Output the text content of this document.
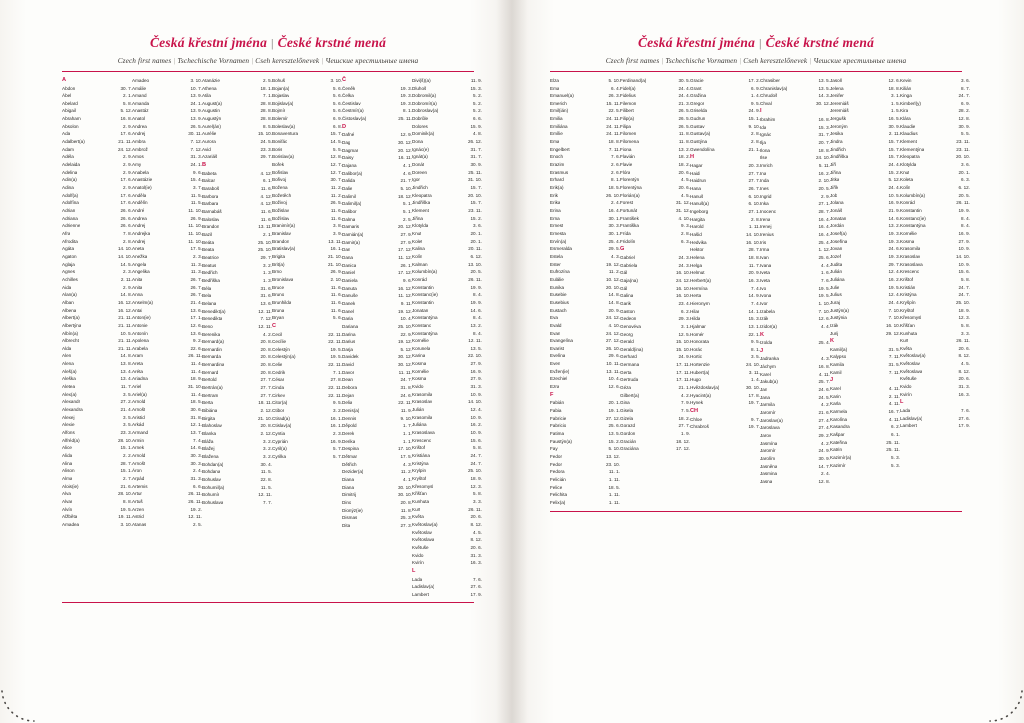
Česká křestní jména | České krstné mená
Czech first names | Tschechische Vornamen | Cseh keresztelőnevek | Чешские крестильные имена
A
Abdon	30. 7.
Ábel	2. 1.
Abelard	5. 8.
Abigail	5. 12.
Abraham	16. 8.
Absolon	2. 9.
Ada	17. 6.
Adalbert(a)	21. 11.
Adam	24. 12.
Adéla	2. 9.
Adelaida	2. 9.
Adelina	2. 9.
Adin(a)	17. 6.
Adina	2. 9.
Adolf(a)	17. 6.
Adolfína	17. 6.
Adrian	26. 6.
Adriana	26. 6.
Adrienne	26. 6.
Afra	7. 8.
Afrodita	2. 8.
Agáta	14. 10.
Agaton	14. 10.
Aglaja	14. 5.
Agnes	2. 3.
Achilles	2. 11.
Aida	2. 9.
Alan(a)	14. 8.
Alban	16. 12.
Albena	16. 12.
Albert(a)	21. 11.
Albertýna	21. 11.
Albín(a)	10. 5.
Albrecht	21. 11.
Alda	21. 11.
Alen	14. 8.
Alena	13. 8.
Aleš(a)	13. 4.
Aleška	13. 4.
Aletea	11. 7.
Alex(a)	3. 5.
Alexandr	27. 2.
Alexandra	21. 4.
Alexej	3. 5.
Alexie	3. 5.
Alfons	23. 3.
Alfréd(a)	28. 10.
Alice	15. 1.
Alida	2. 2.
Alina	28. 7.
Alison	15. 1.
Alma	2. 7.
Alois(ie)	21. 6.
Alva	28. 10.
Alvar	8. 8.
Alvín	19. 5.
Alžběta	19. 11.
Amadea	3. 10.
Amadeo	3. 10.
Amálie	10. 7.
Amand	13. 9.
Amanda	24. 1.
Anastáz	13. 9.
Anatol	13. 9.
Andrea	26. 5.
Andrej	30. 11.
Ambra	7. 12.
Ambrož	7. 12.
Amos	31. 3.
Amy	24. 1.
Anabela	9. 6.
Anastázie	15. 4.
Anatol(ie)	3. 7.
Anděla	11. 5.
Andělín	11. 5.
André	11. 10.
Andrea	26. 9.
Andrej	11. 10.
Andrejka	11. 10.
Andrej	11. 10.
Aneta	17. 5.
Anežka	2. 3.
Angela	11. 3.
Angelika	11. 3.
Anita	26. 7.
Anita	26. 7.
Anna	26. 7.
Anselm(a)	21. 4.
Antal	13. 6.
Anton(ie)	17. 1.
Antonie	12. 6.
Antonín	13. 6.
Apolena	9. 2.
Arabela	22. 6.
Aram	26. 11.
Areta	11. 4.
Aréta	11. 4.
Ariadna	18. 9.
Ariel	31. 10.
Ariel(a)	11. 4.
Arnold	18. 5.
Arnošt	30. 6.
Aristid	31. 8.
Arkád	12. 1.
Armand	13. 7.
Armin	7. 4.
Arnek	14. 6.
Arnold	30. 3.
Arnošt	30. 3.
Áron	2. 4.
Arpád	31. 3.
Artemis	6. 6.
Artur	26. 11.
Artuš	26. 11.
Arzen	19. 2.
Astrid	12. 11.
Atanas	2. 5.
Atanázie	2. 5.
Athena	18. 1.
Atila	7. 1.
August(a)	28. 8.
Augustin	28. 8.
Augustýn	28. 8.
Aurel(án)	8. 5.
Aurélie	15. 10.
Aurora	24. 5.
Avid	23. 3.
Azariáš	29. 7.
B
Babeta	4. 12.
Balcar	6. 1.
Baraboš	11. 6.
Barbora	4. 12.
Barbara	4. 12.
Barnabáš	11. 6.
Baloslav	11. 6.
Brandon	13. 11.
Bazil	2. 1.
Beáta	25. 10.
Beata	25. 10.
Beatrice	29. 7.
Beatus	3. 2.
Bedřich	1. 3.
Bedřiška	1. 3.
Béla	31. 6.
Bela	31. 6.
Belana	13. 6.
Benedikt(a)	12. 11.
Benedikta	7. 12.
Beno	12. 11.
Berenika	4. 2.
Bernard(a)	20. 8.
Bernardin	20. 8.
Bernarda	20. 8.
Bernardina	20. 8.
Bernard	20. 8.
Bertold	27. 7.
Bertrán(a)	27. 7.
Bertram	27. 7.
Berta	18. 11.
Bibiána	2. 12.
Birgita	21. 10.
Blahoslav	20. 8.
Blanka	2. 12.
Bláža	3. 2.
Blažej	3. 2.
Blažena	3. 2.
Bohdan(a)	30. 4.
Bohdana	11. 5.
Bohuslav	22. 8.
Bohumil(a)	11. 5.
Bohumír	12. 11.
Bohuslava	7. 7.
Bohuš	3. 10.
Bojan(a)	5. 6.
Bojaslav	5. 6.
Bojislav(a)	5. 6.
Bojmír	5. 6.
Bolemír	6. 9.
Boleslav(a)	6. 8.
Bonaventura	15. 7.
Bonifác	14. 5.
Boris	5. 5.
Borislav(a)	12. 8.
Bořek	12. 7.
Bořislav	12. 7.
Bořivoj	30. 7.
Božena	11. 2.
Božetěch	11. 2.
Boživoj	26. 5.
Božislav	11. 6.
Božíslav	11. 6.
Branimír(a)	3. 8.
Branislav	3. 9.
Brandon	13. 11.
Bratislav(a)	16. 1.
Brigita	21. 10.
Brit(a)	21. 10.
Brno	26. 9.
Bronislava	2. 10.
Bruce	11. 6.
Bruno	11. 6.
Brunhilda	11. 6.
Bruna	11. 6.
Bryan	5. 6.
C
Cecil	22. 11.
Cecílie	22. 11.
Celestýn	19. 5.
Celestýn(a)	19. 5.
Celie	22. 11.
Cedrik	7. 1.
César	27. 8.
Cinda	22. 11.
Cirkev	22. 11.
Citor(a)	9. 5.
Ctibor	3. 2.
Ctirad(a)	16. 1.
Ctislav(a)	16. 1.
Cyntia	2. 3.
Cyprián	16. 9.
Cyril(a)	5. 7.
Cyrilka	5. 7.
Č
Čeněk	19. 3.
Čelka	19. 3.
Čestislav	19. 3.
Čestmír(a)	8. 1.
Čistoslav(a)	25. 11.
D
Dafné	12. 9.
Dag	30. 12.
Dagmar	20. 12.
Daisy	16. 11.
Dajana	4. 1.
Dalibor(a)	4. 6.
Dalida	21. 7.
Dalie	5. 10.
Dalimil	18. 12.
Dalimil(a)	5. 1.
Dalibor	5. 1.
Dalma	2. 5.
Damaris	20. 12.
Damián(a)	27. 9.
Damir(a)	27. 9.
Dan	17. 12.
Dana	11. 12.
Danica	26. 1.
Daniel	17. 12.
Daniela	9. 6.
Danuta	16. 12.
Danuše	11. 12.
Danek	9. 11.
Danel	19. 12.
Daria	10. 4.
Dariana	25. 10.
Darina	22. 9.
Darius	19. 12.
Darja	5. 12.
Davidek	30. 12.
David	30. 12.
Davor	11. 11.
Dean	24. 7.
Debora	31. 8.
Dejan	24. 6.
Delia	22. 11.
Denis(a)	11. 9.
Dennis	9. 10.
Děpold	1. 7.
Derek	1. 1.
Derika	1. 1.
Despina	17. 10.
Dětmar	17. 5.
Dětřich	4. 3.
Dezider(a)	11. 2.
Diana	4. 1.
Diana	30. 10.
Dimitrij	30. 10.
Dino	20. 8.
Dionýz(ie)	11. 8.
Dismas	25. 3.
Dita	27. 3.
Divi(š)(a)	11. 9.
Dluhoš	15. 3.
Dobromil(a)	5. 2.
Dobromír(a)	5. 2.
Dobroslav(a)	5. 2.
Dobrůle	6. 6.
Dolores	15. 9.
Dominik(a)	4. 8.
Dona	26. 12.
Ignác(e)	31. 7.
Ignát(a)	31. 7.
Donát	30. 9.
Doreen	25. 11.
Igor	31. 10.
Jindřich	15. 7.
Kleopatra	20. 10.
Jindřiška	15. 7.
Klement	23. 11.
Jiřina	15. 2.
Klotylda	3. 6.
Knut	20. 1.
Kolet	20. 1.
Kalina	20. 11.
Kolín	6. 12.
Kalman	13. 10.
Kolumbín(a)	20. 5.
Konrád	26. 11.
Konstantin	19. 9.
Konstanc(ie)	8. 4.
Konstantin	19. 9.
Jonatan	14. 6.
Konstantýna	8. 4.
Konstanc	13. 2.
Konstantýna	8. 4.
Kornélie	12. 11.
Korunela	13. 5.
Karina	22. 10.
Kosma	27. 9.
Kornélie	16. 9.
Kosma	27. 9.
Kvido	31. 3.
Krasomila	10. 9.
Krasoslav	14. 10.
Julián	12. 4.
Krasomila	10. 9.
Juliána	16. 2.
Krasoslava	10. 9.
Krescenc	15. 6.
Krištof	5. 8.
Kristiána	24. 7.
Kristýna	24. 7.
Krylpin	25. 10.
Kryštof	18. 9.
Křesomysl	12. 3.
Křišťan	5. 8.
Kunhuta	3. 3.
Kurt	26. 11.
Květa	20. 6.
Květoslav(a)	8. 12.
Květoslav	4. 5.
Květoslava	8. 12.
Květuše	20. 6.
Kvido	31. 3.
Kvirín	16. 3.
L
Lada	7. 6.
Ladislav(a)	27. 6.
Lambert	17. 9.
Česká křestní jména | České krstné mená
Czech first names | Tschechische Vornamen | Cseh keresztelőnevek | Чешские крестильные имена
Elza	5. 10.
Ema	6. 4.
Emanuel(a)	26. 3.
Emerich	15. 11.
Emil(ián)	22. 5.
Emilia	24. 11.
Emiliána	24. 11.
Emílie	24. 11.
Ema	18. 8.
Engelbert	7. 11.
Enoch	7. 6.
Erazim	2. 6.
Erasmus	2. 6.
Erhard	8. 1.
Erik(a)	18. 5.
Erik	26. 10.
Erika	2. 4.
Erina	16. 4.
Erna	30. 1.
Ernest	30. 3.
Ernesta	30. 1.
Ervín(a)	25. 4.
Esmeralda	29. 5.
Estela	4. 3.
Ester	19. 12.
Eufrozína	11. 2.
Eulálie	10. 12.
Eunika	20. 10.
Eusebie	14. 8.
Eusebius	14. 8.
Eustach	20. 9.
Eva	24. 12.
Evald	4. 10.
Evan	24. 12.
Evangelína	27. 12.
Evarist	26. 10.
Evelína	29. 6.
Even	10. 11.
Evžen(ie)	13. 11.
Ezechiel	10. 4.
Ezra	12. 6.
F
Fabián	20. 1.
Fabia	19. 1.
Fabricie	27. 12.
Fabricio	25. 6.
Fatima	13. 5.
Faustýn(a)	15. 2.
Fay	5. 10.
Fedor	13. 12.
Fedor	23. 10.
Fedora	11. 1.
Felicián	1. 11.
Felice	18. 5.
Felichita	1. 11.
Felix(a)	1. 11.
Ferdinand(a)	30. 5.
Fidel(a)	24. 4.
Fidelius	24. 4.
Filemon	21. 3.
Filibert	26. 5.
Filip(a)	26. 5.
Filipa	26. 5.
Filomen	11. 8.
Filomena	11. 8.
Fiona	13. 2.
Flavián	18. 2.
Flavie	18. 2.
Flóra	20. 6.
Florentýn	4. 5.
Florentýna	20. 6.
Florián(a)	4. 5.
Forest	31. 12.
Fortunát	31. 12.
František	4. 10.
Františka	9. 3.
Frída	2. 8.
Fridolín	6. 3.
G
Gabriel	24. 3.
Gabriela	24. 3.
Gál	16. 10.
Gaja(na)	24. 12.
Gál	16. 10.
Galina	16. 10.
Garik	23. 4.
Gaston	6. 2.
Gedeon	29. 3.
Genovéva	3. 1.
Georg	12. 5.
Gerald	15. 10.
Gerald(ina)	15. 10.
Gerhard	24. 9.
Germana	17. 11.
Gerta	17. 11.
Gertruda	17. 11.
Géza	21. 1.
Gilbert(a)	4. 2.
Gina	7. 9.
Gisela	7. 5.
Gizela	18. 2.
Gorazd	27. 7.
Gordon	1. 9.
Gracián	18. 12.
Graciána	17. 12.
Gracie	17. 2.
Grant	6. 9.
Gražina	1. 4.
Gregor	9. 5.
Griselda	24. 9.
Gudrun	15. 1.
Gustav	9. 10.
Gustav(a)	2. 8.
Gustýna	2. 8.
Gwendolína	21. 1.
H
Hagar	20. 3.
Haidi	27. 7.
Haidrun	27. 7.
Hana	26. 7.
Hanuš	6. 10.
Hanuš(a)	6. 10.
Ingeborg	27. 1.
Hargita	2. 8.
Harold	1. 11.
Hašid	14. 10.
Hedvika	16. 10.
Hektor	28. 7.
Helena	18. 8.
Helga	11. 7.
Helmut	20. 9.
Herbert(a)	16. 3.
Hermína	7. 4.
Herta	14. 9.
Hieronym	7. 4.
Hilar	14. 1.
Hilda	15. 3.
Hjalmar	13. 1.
Homér	22. 1.
Honorata	9. 5.
Horác	8. 1.
Hortic	3. 5.
Hortenzie	24. 10.
Hubert(a)	3. 11.
Hugo	1. 4.
Hvězdoslav(a)	30. 10.
Hyacint(a)	17. 8.
Hynek	19. 7.
CH
Chloe	9. 7.
Chrabroš	19. 7.
Chrasiber	13. 5.
Chranislav(a)	13. 5.
Chrudoš	14. 3.
Chval	30. 12.
I
Ibrahim	16. 8.
Ida	15. 3.
Ignác	31. 7.
Ilja	20. 7.
Ilona	18. 8.
Ilse	24. 10.
Imrich	5. 11.
Ina	16. 2.
Inda	2. 10.
Ines	20. 5.
Ingrid	2. 9.
Inka	27. 1.
Inocenc	28. 7.
Irena	16. 4.
Irenej	16. 4.
Irenius	16. 4.
Iris	25. 4.
Irma	1. 12.
Ivan	25. 6.
Ivana	4. 4.
Iveta	1. 6.
Iveta	7. 6.
Ivo	19. 5.
Ivona	19. 5.
Ivor	1. 10.
Izabela	7. 10.
Izák	12. 6.
Izidor(a)	4. 4.
K
Izolda	25. 4.
J
Jadranka	4. 3.
Jáchym	16. 8.
Karel	4. 11.
Jakub(a)	25. 7.
Jan	24. 6.
Jana	24. 5.
Jarmila	4. 2.
Jaromír	21. 6.
Jaroslav(a)	27. 4.
Jaroslava	27. 4.
Jarov	29. 2.
Jasmína	4. 2.
Jaromír	24. 9.
Jarolím	30. 9.
Jasněna	14. 7.
Jasmina	2. 4.
Jasna	12. 8.
Jasoň	12. 6.
Jelena	18. 8.
Jenifer	3. 1.
Jeremiáš	1. 5.
Jeremiáš	1. 5.
Jergušk	16. 5.
Jeroným	30. 9.
Jesika	2. 11.
Jindra	15. 7.
Jindřich	15. 7.
Jindřiška	15. 7.
Jiří	24. 4.
Jiřina	15. 2.
Jitka	5. 12.
Jiřík	24. 4.
Job	10. 5.
Jolana	16. 9.
Jonáš	21. 9.
Jonatan	14. 6.
Jordán	13. 2.
Josef(a)	19. 3.
Josefína	19. 3.
Jovan	24. 6.
Jozef	19. 3.
Judita	29. 7.
Julián	12. 4.
Juliána	16. 2.
Julie	19. 5.
Julius	12. 4.
Juraj	24. 4.
Justýn(a)	7. 10.
Justýnia	7. 10.
Izák	16. 10.
Jurij	29. 12.
K
Kamil(a)	31. 5.
Kalypso	7. 11.
Kamila	31. 5.
Kamil	7. 11.
J
Karel	4. 11.
Karin	2. 11.
Karla	4. 11.
Karmela	16. 7.
Karolína	4. 11.
Kasandra	6. 2.
Kašpar	6. 1.
Kateřina	25. 11.
Katrin	25. 11.
Kazimír(a)	5. 3.
Kazimír	5. 3.
Kevin	3. 6.
Kilián	8. 7.
Kinga	24. 7.
Kimberl(y)	6. 9.
Kira	28. 2.
Klára	12. 8.
Klaudie	30. 9.
Klaudius	5. 5.
Klement	23. 11.
Klementýna	23. 11.
Kleopatra	20. 10.
Klotylda	3. 6.
Knut	20. 1.
Koleta	6. 3.
Kolín	6. 12.
Kolumbín(a)	20. 5.
Konrád	26. 11.
Konstantin	19. 9.
Konstanc(ie)	8. 4.
Konstantýna	8. 4.
Kornélie	16. 9.
Kosma	27. 9.
Krasomila	10. 9.
Krasoslav	14. 10.
Krasoslava	10. 9.
Krescenc	15. 6.
Krištof	5. 8.
Kristián	24. 7.
Kristýna	24. 7.
Kryšpín	25. 10.
Kryštof	18. 9.
Křesomysl	12. 3.
Křišťan	5. 8.
Kunhuta	3. 3.
Kurt	26. 11.
Květa	20. 6.
Květoslav(a)	8. 12.
Květoslav	4. 5.
Květoslava	8. 12.
Květuše	20. 6.
Kvido	31. 3.
Kvirín	16. 3.
L
Lada	7. 6.
Ladislav(a)	27. 6.
Lambert	17. 9.
